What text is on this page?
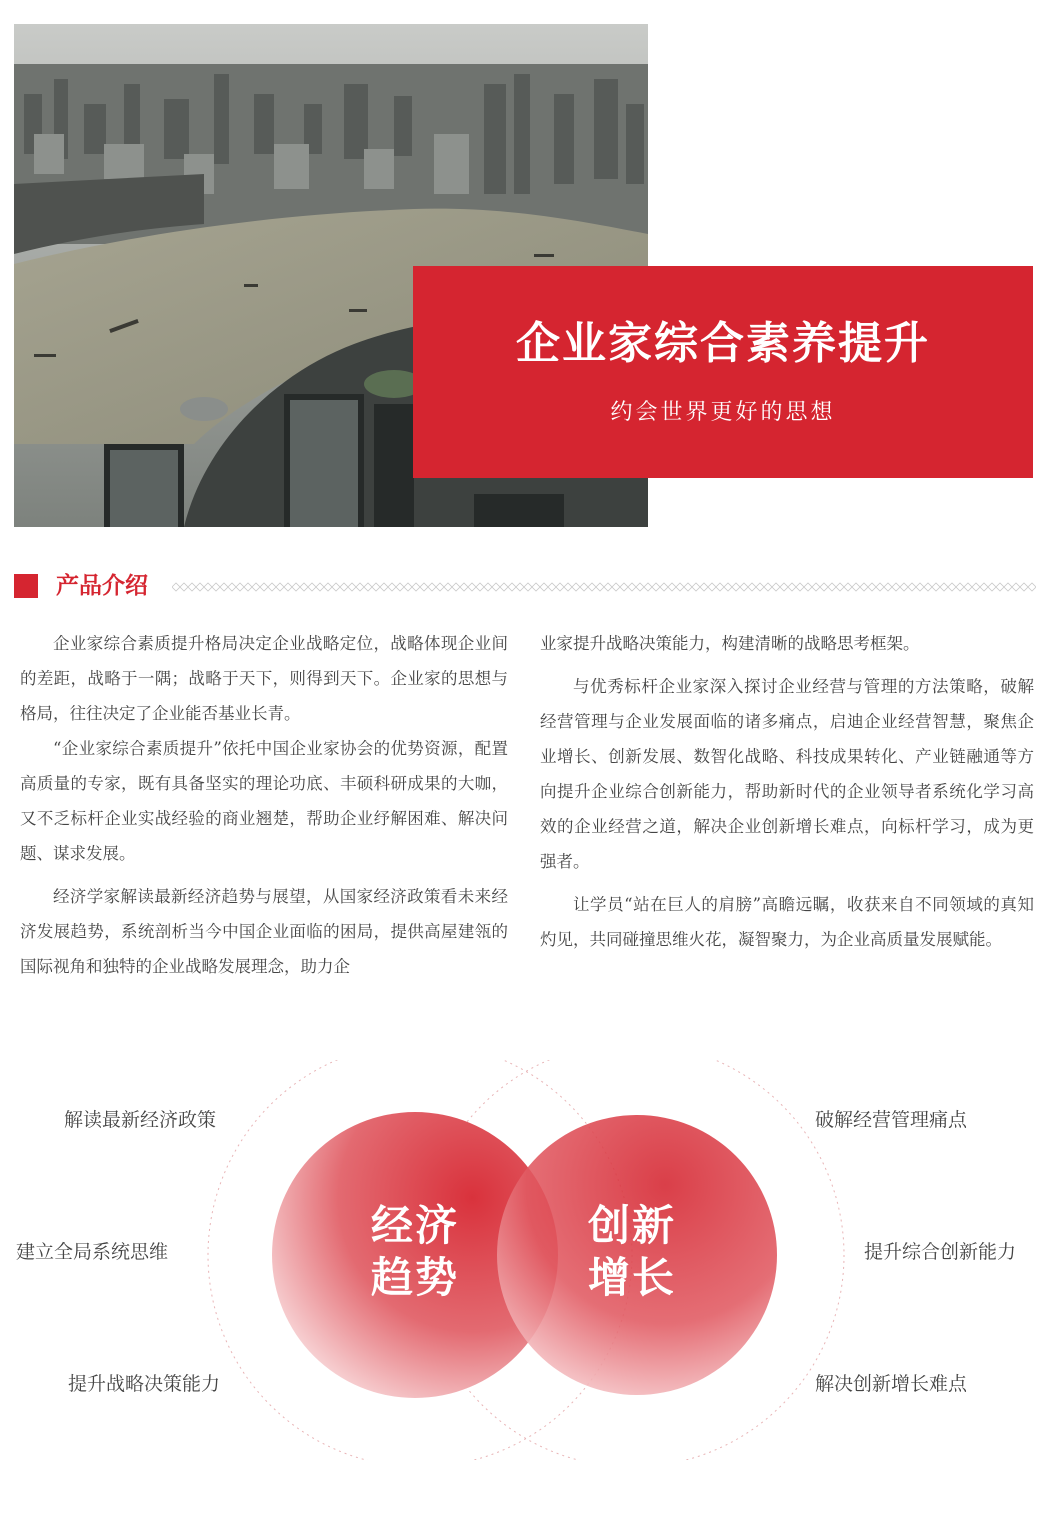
企业家综合素养提升
约会世界更好的思想
产品介绍

企业家综合素质提升格局决定企业战略定位，战略体现企业间的差距，战略于一隅；战略于天下，则得到天下。企业家的思想与格局，往往决定了企业能否基业长青。

“企业家综合素质提升”依托中国企业家协会的优势资源，配置高质量的专家，既有具备坚实的理论功底、丰硕科研成果的大咖，又不乏标杆企业实战经验的商业翘楚，帮助企业纾解困难、解决问题、谋求发展。

经济学家解读最新经济趋势与展望，从国家经济政策看未来经济发展趋势，系统剖析当今中国企业面临的困局，提供高屋建瓴的国际视角和独特的企业战略发展理念，助力企

业家提升战略决策能力，构建清晰的战略思考框架。

与优秀标杆企业家深入探讨企业经营与管理的方法策略，破解经营管理与企业发展面临的诸多痛点，启迪企业经营智慧，聚焦企业增长、创新发展、数智化战略、科技成果转化、产业链融通等方向提升企业综合创新能力，帮助新时代的企业领导者系统化学习高效的企业经营之道，解决企业创新增长难点，向标杆学习，成为更强者。

让学员“站在巨人的肩膀”高瞻远瞩，收获来自不同领域的真知灼见，共同碰撞思维火花，凝智聚力，为企业高质量发展赋能。

经济
趋势
创新
增长
解读最新经济政策
建立全局系统思维
提升战略决策能力
破解经营管理痛点
提升综合创新能力
解决创新增长难点
